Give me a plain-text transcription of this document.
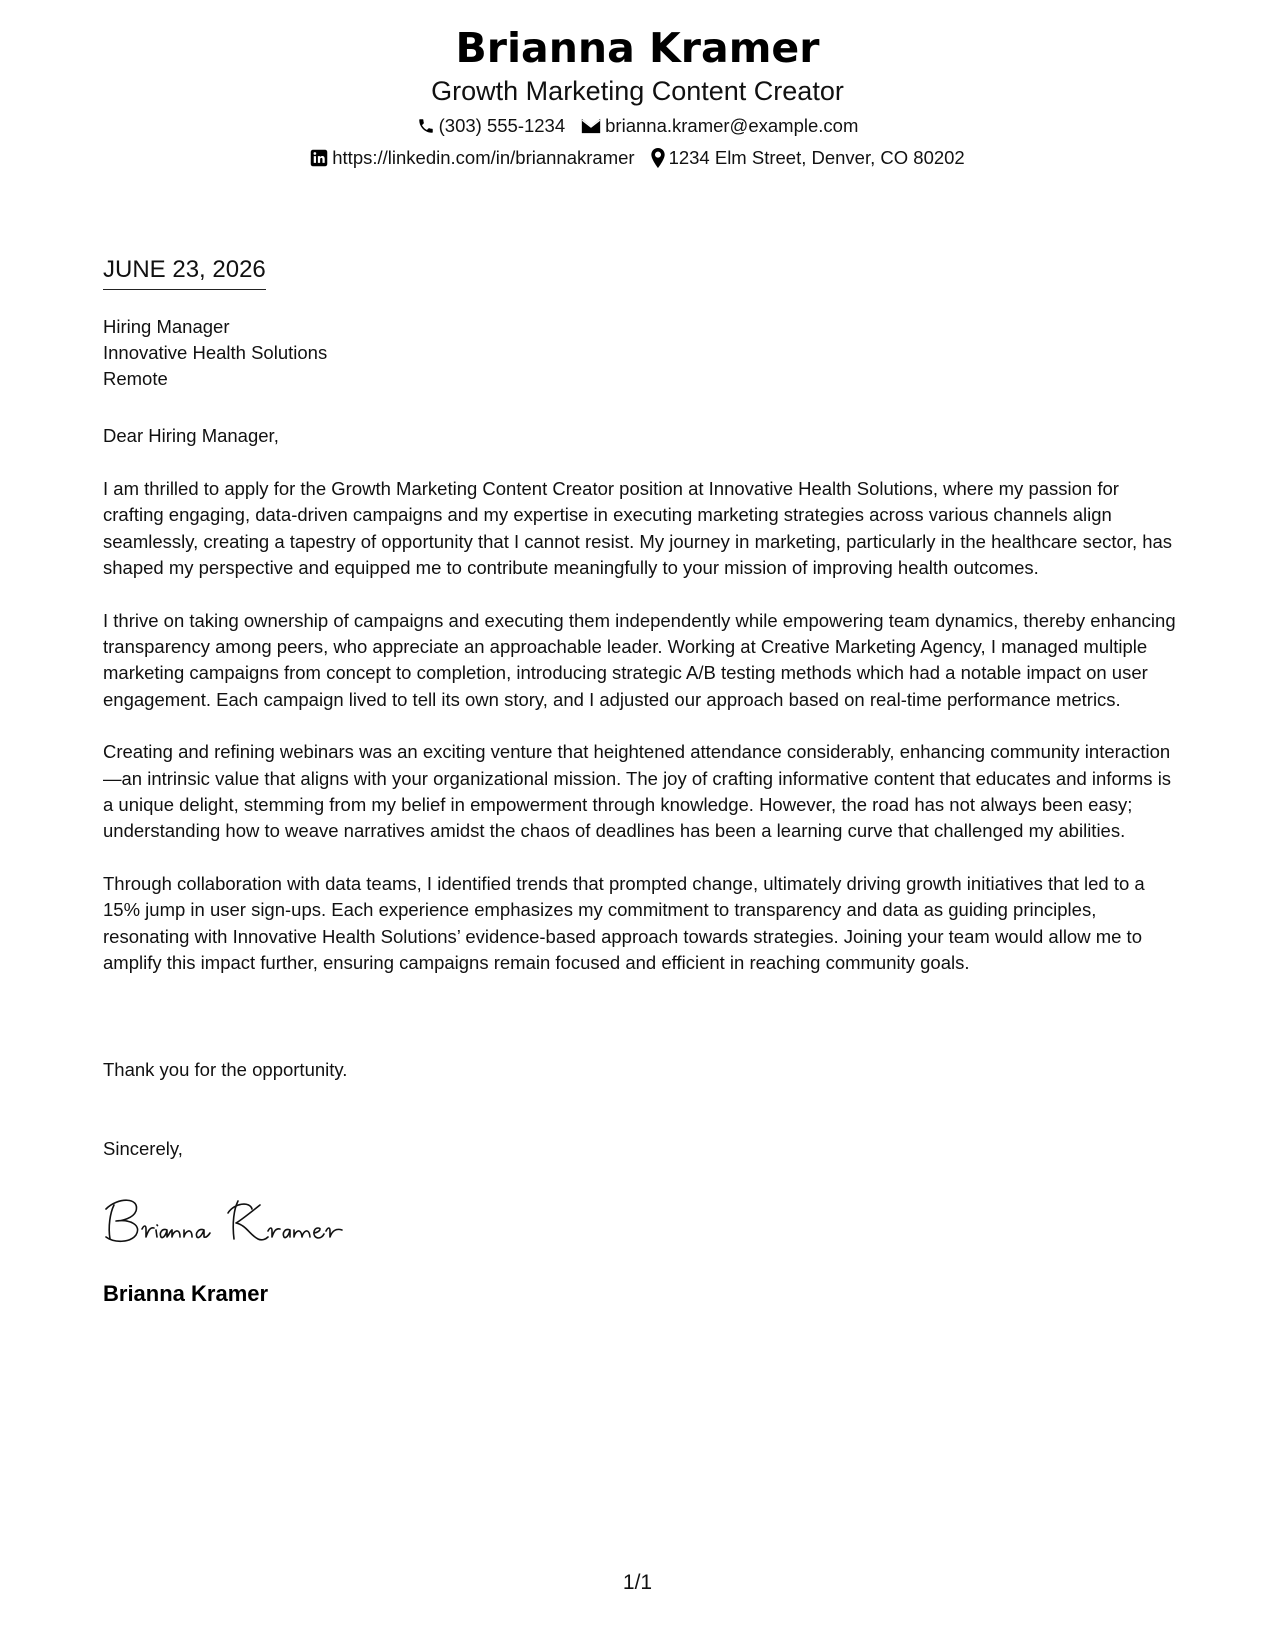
Brianna Kramer
Growth Marketing Content Creator
(303) 555-1234 brianna.kramer@example.com
https://linkedin.com/in/briannakramer 1234 Elm Street, Denver, CO 80202
JUNE 23, 2026
Hiring Manager
Innovative Health Solutions
Remote
Dear Hiring Manager,

I am thrilled to apply for the Growth Marketing Content Creator position at Innovative Health Solutions, where my passion for crafting engaging, data-driven campaigns and my expertise in executing marketing strategies across various channels align seamlessly, creating a tapestry of opportunity that I cannot resist. My journey in marketing, particularly in the healthcare sector, has shaped my perspective and equipped me to contribute meaningfully to your mission of improving health outcomes.

I thrive on taking ownership of campaigns and executing them independently while empowering team dynamics, thereby enhancing transparency among peers, who appreciate an approachable leader. Working at Creative Marketing Agency, I managed multiple marketing campaigns from concept to completion, introducing strategic A/B testing methods which had a notable impact on user engagement. Each campaign lived to tell its own story, and I adjusted our approach based on real-time performance metrics.

Creating and refining webinars was an exciting venture that heightened attendance considerably, enhancing community interaction—an intrinsic value that aligns with your organizational mission. The joy of crafting informative content that educates and informs is a unique delight, stemming from my belief in empowerment through knowledge. However, the road has not always been easy; understanding how to weave narratives amidst the chaos of deadlines has been a learning curve that challenged my abilities.

Through collaboration with data teams, I identified trends that prompted change, ultimately driving growth initiatives that led to a 15% jump in user sign-ups. Each experience emphasizes my commitment to transparency and data as guiding principles, resonating with Innovative Health Solutions’ evidence-based approach towards strategies. Joining your team would allow me to amplify this impact further, ensuring campaigns remain focused and efficient in reaching community goals.

Thank you for the opportunity.
Sincerely,
Brianna Kramer
1/1
